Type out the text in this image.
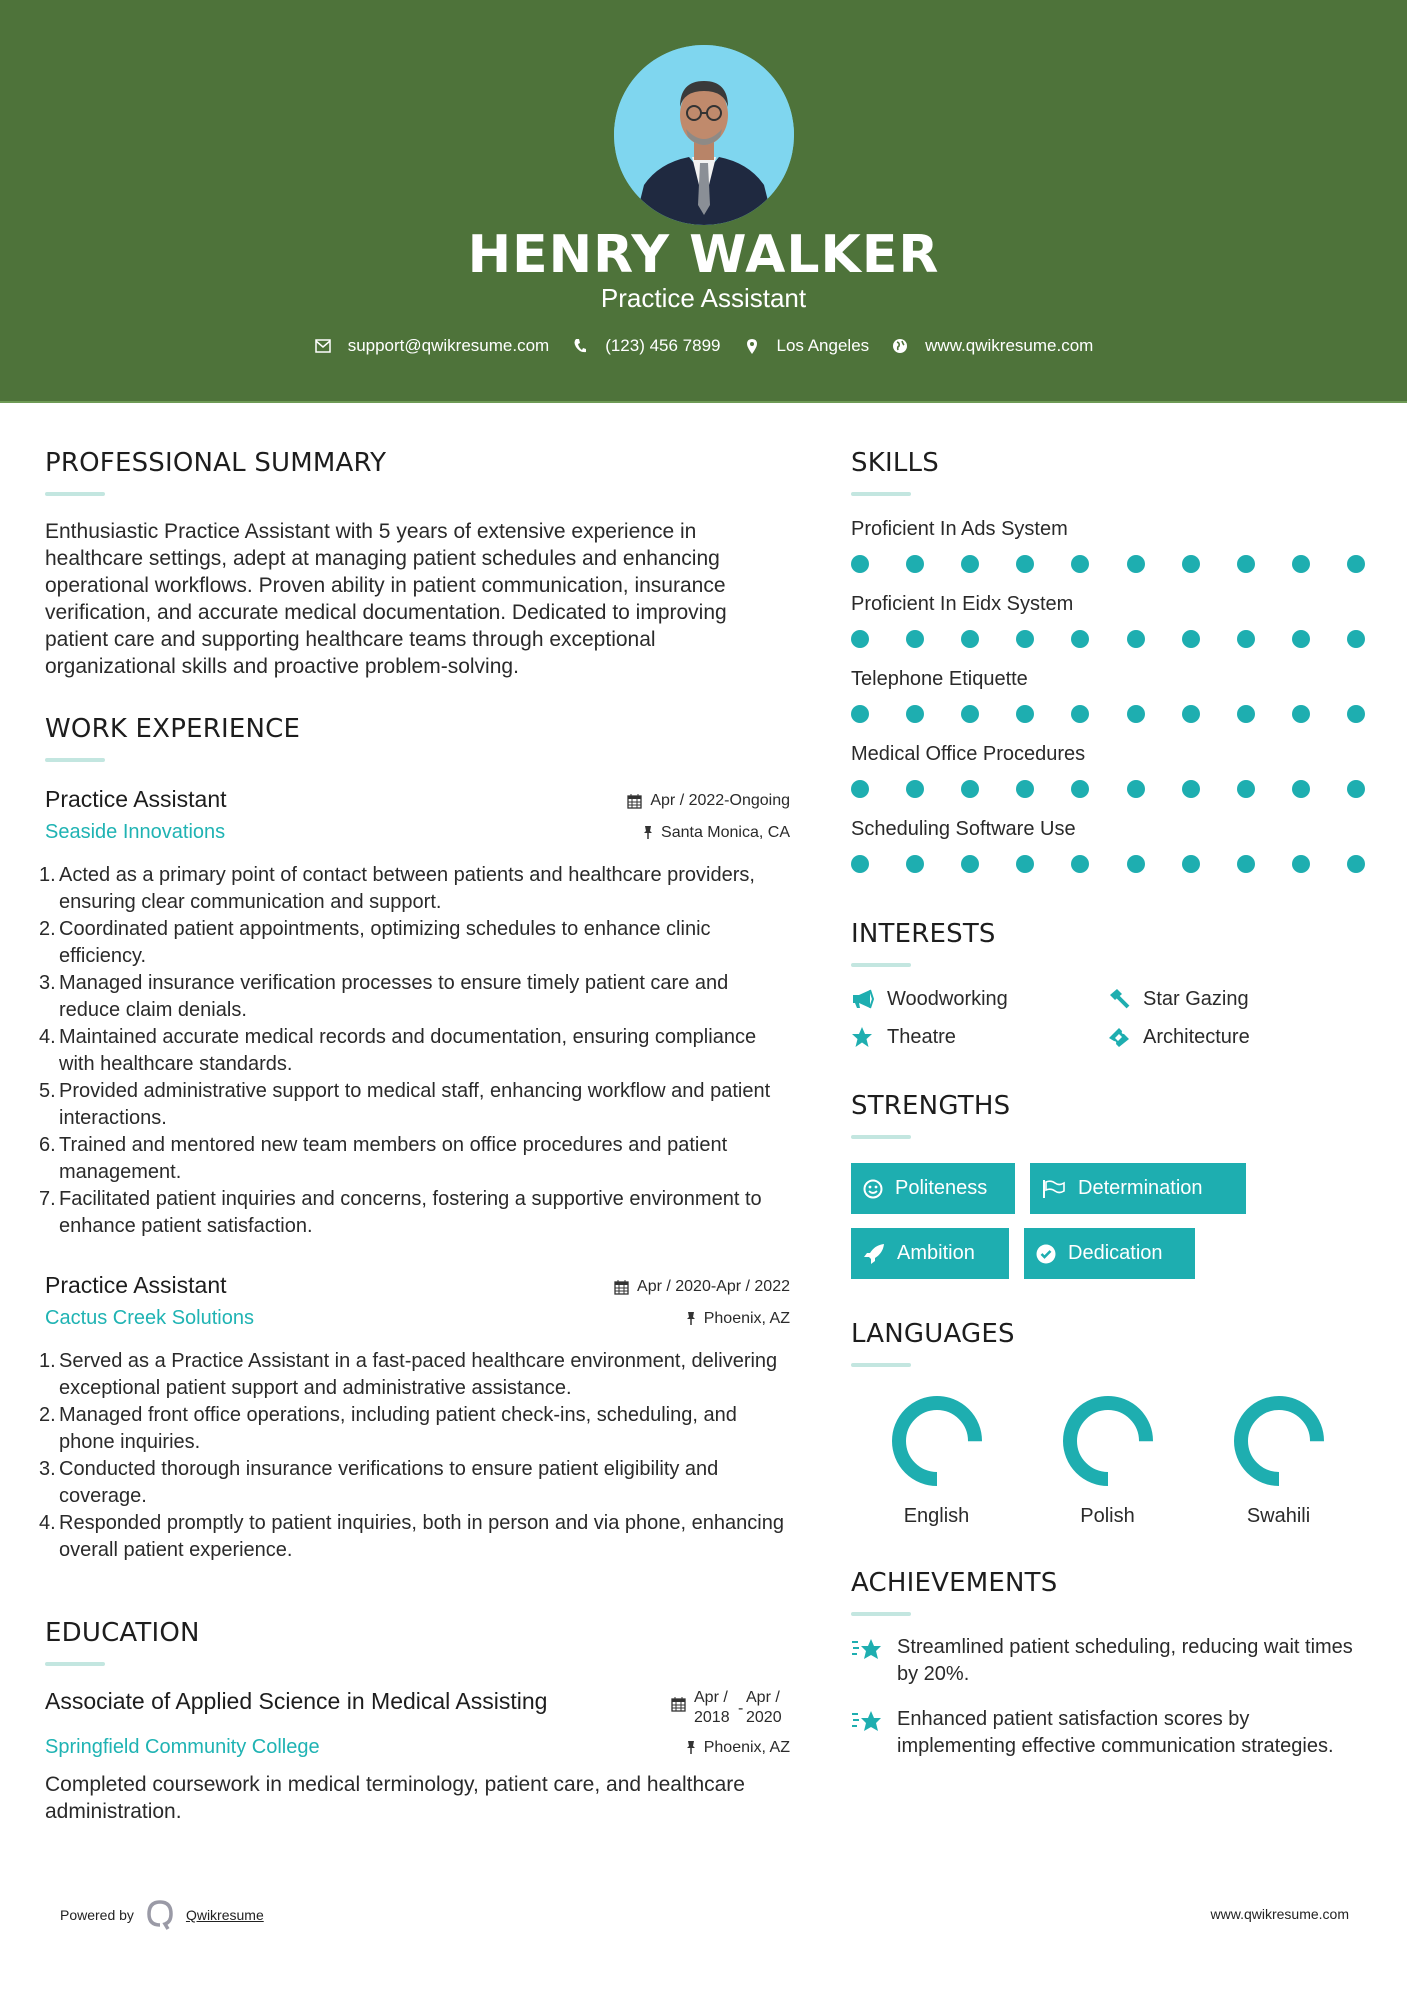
HENRY WALKER
Practice Assistant
support@qwikresume.com	(123) 456 7899	Los Angeles	www.qwikresume.com
PROFESSIONAL SUMMARY

Enthusiastic Practice Assistant with 5 years of extensive experience in healthcare settings, adept at managing patient schedules and enhancing operational workflows. Proven ability in patient communication, insurance verification, and accurate medical documentation. Dedicated to improving patient care and supporting healthcare teams through exceptional organizational skills and proactive problem-solving.

WORK EXPERIENCE
Practice Assistant	Apr / 2022-Ongoing
Seaside Innovations	Santa Monica, CA
1. Acted as a primary point of contact between patients and healthcare providers, ensuring clear communication and support.
2. Coordinated patient appointments, optimizing schedules to enhance clinic efficiency.
3. Managed insurance verification processes to ensure timely patient care and reduce claim denials.
4. Maintained accurate medical records and documentation, ensuring compliance with healthcare standards.
5. Provided administrative support to medical staff, enhancing workflow and patient interactions.
6. Trained and mentored new team members on office procedures and patient management.
7. Facilitated patient inquiries and concerns, fostering a supportive environment to enhance patient satisfaction.
Practice Assistant	Apr / 2020-Apr / 2022
Cactus Creek Solutions	Phoenix, AZ
1. Served as a Practice Assistant in a fast-paced healthcare environment, delivering exceptional patient support and administrative assistance.
2. Managed front office operations, including patient check-ins, scheduling, and phone inquiries.
3. Conducted thorough insurance verifications to ensure patient eligibility and coverage.
4. Responded promptly to patient inquiries, both in person and via phone, enhancing overall patient experience.
EDUCATION
Associate of Applied Science in Medical Assisting	Apr / 2018
-
Apr / 2020
Springfield Community College	Phoenix, AZ

Completed coursework in medical terminology, patient care, and healthcare administration.

SKILLS
Proficient In Ads System
Proficient In Eidx System
Telephone Etiquette
Medical Office Procedures
Scheduling Software Use
INTERESTS
Woodworking	Star Gazing
Theatre	Architecture
STRENGTHS
Politeness	Determination
Ambition	Dedication
LANGUAGES
English	Polish	Swahili
ACHIEVEMENTS
Streamlined patient scheduling, reducing wait times by 20%.
Enhanced patient satisfaction scores by implementing effective communication strategies.
Powered by	Qwikresume	www.qwikresume.com
